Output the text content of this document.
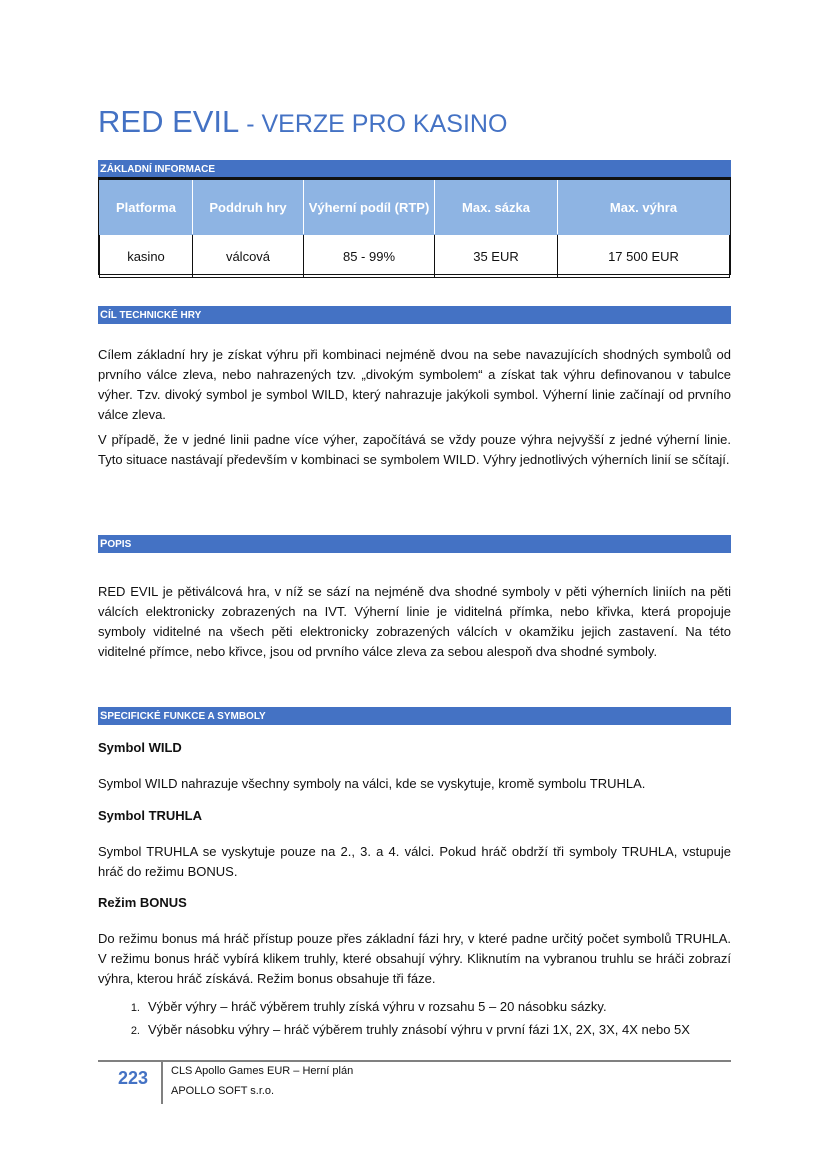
RED EVIL - VERZE PRO KASINO
ZÁKLADNÍ INFORMACE
Platforma	Poddruh hry	Výherní podíl (RTP)	Max. sázka	Max. výhra
kasino	válcová	85 - 99%	35 EUR	17 500 EUR
CÍL TECHNICKÉ HRY
Cílem základní hry je získat výhru při kombinaci nejméně dvou na sebe navazujících shodných symbolů od prvního válce zleva, nebo nahrazených tzv. „divokým symbolem“ a získat tak výhru definovanou v tabulce výher. Tzv. divoký symbol je symbol WILD, který nahrazuje jakýkoli symbol. Výherní linie začínají od prvního válce zleva.
V případě, že v jedné linii padne více výher, započítává se vždy pouze výhra nejvyšší z jedné výherní linie. Tyto situace nastávají především v kombinaci se symbolem WILD. Výhry jednotlivých výherních linií se sčítají.
POPIS
RED EVIL je pětiválcová hra, v níž se sází na nejméně dva shodné symboly v pěti výherních liniích na pěti válcích elektronicky zobrazených na IVT. Výherní linie je viditelná přímka, nebo křivka, která propojuje symboly viditelné na všech pěti elektronicky zobrazených válcích v okamžiku jejich zastavení. Na této viditelné přímce, nebo křivce, jsou od prvního válce zleva za sebou alespoň dva shodné symboly.
SPECIFICKÉ FUNKCE A SYMBOLY
Symbol WILD
Symbol WILD nahrazuje všechny symboly na válci, kde se vyskytuje, kromě symbolu TRUHLA.
Symbol TRUHLA
Symbol TRUHLA se vyskytuje pouze na 2., 3. a 4. válci. Pokud hráč obdrží tři symboly TRUHLA, vstupuje hráč do režimu BONUS.
Režim BONUS
Do režimu bonus má hráč přístup pouze přes základní fázi hry, v které padne určitý počet symbolů TRUHLA. V režimu bonus hráč vybírá klikem truhly, které obsahují výhry. Kliknutím na vybranou truhlu se hráči zobrazí výhra, kterou hráč získává. Režim bonus obsahuje tři fáze.
1. Výběr výhry – hráč výběrem truhly získá výhru v rozsahu 5 – 20 násobku sázky.
2. Výběr násobku výhry – hráč výběrem truhly znásobí výhru v první fázi 1X, 2X, 3X, 4X nebo 5X
223	CLS Apollo Games EUR – Herní plán
APOLLO SOFT s.r.o.
